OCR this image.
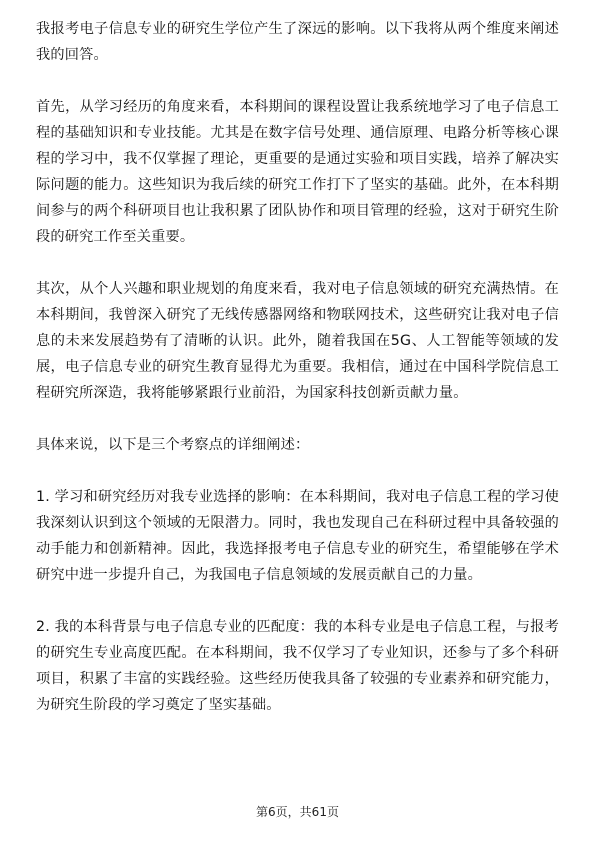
我报考电子信息专业的研究生学位产生了深远的影响。以下我将从两个维度来阐述我的回答。

首先，从学习经历的角度来看，本科期间的课程设置让我系统地学习了电子信息工程的基础知识和专业技能。尤其是在数字信号处理、通信原理、电路分析等核心课程的学习中，我不仅掌握了理论，更重要的是通过实验和项目实践，培养了解决实际问题的能力。这些知识为我后续的研究工作打下了坚实的基础。此外，在本科期间参与的两个科研项目也让我积累了团队协作和项目管理的经验，这对于研究生阶段的研究工作至关重要。

其次，从个人兴趣和职业规划的角度来看，我对电子信息领域的研究充满热情。在本科期间，我曾深入研究了无线传感器网络和物联网技术，这些研究让我对电子信息的未来发展趋势有了清晰的认识。此外，随着我国在5G、人工智能等领域的发展，电子信息专业的研究生教育显得尤为重要。我相信，通过在中国科学院信息工程研究所深造，我将能够紧跟行业前沿，为国家科技创新贡献力量。

具体来说，以下是三个考察点的详细阐述：

1. 学习和研究经历对我专业选择的影响：在本科期间，我对电子信息工程的学习使我深刻认识到这个领域的无限潜力。同时，我也发现自己在科研过程中具备较强的动手能力和创新精神。因此，我选择报考电子信息专业的研究生，希望能够在学术研究中进一步提升自己，为我国电子信息领域的发展贡献自己的力量。

2. 我的本科背景与电子信息专业的匹配度：我的本科专业是电子信息工程，与报考的研究生专业高度匹配。在本科期间，我不仅学习了专业知识，还参与了多个科研项目，积累了丰富的实践经验。这些经历使我具备了较强的专业素养和研究能力，为研究生阶段的学习奠定了坚实基础。

第6页，共61页
